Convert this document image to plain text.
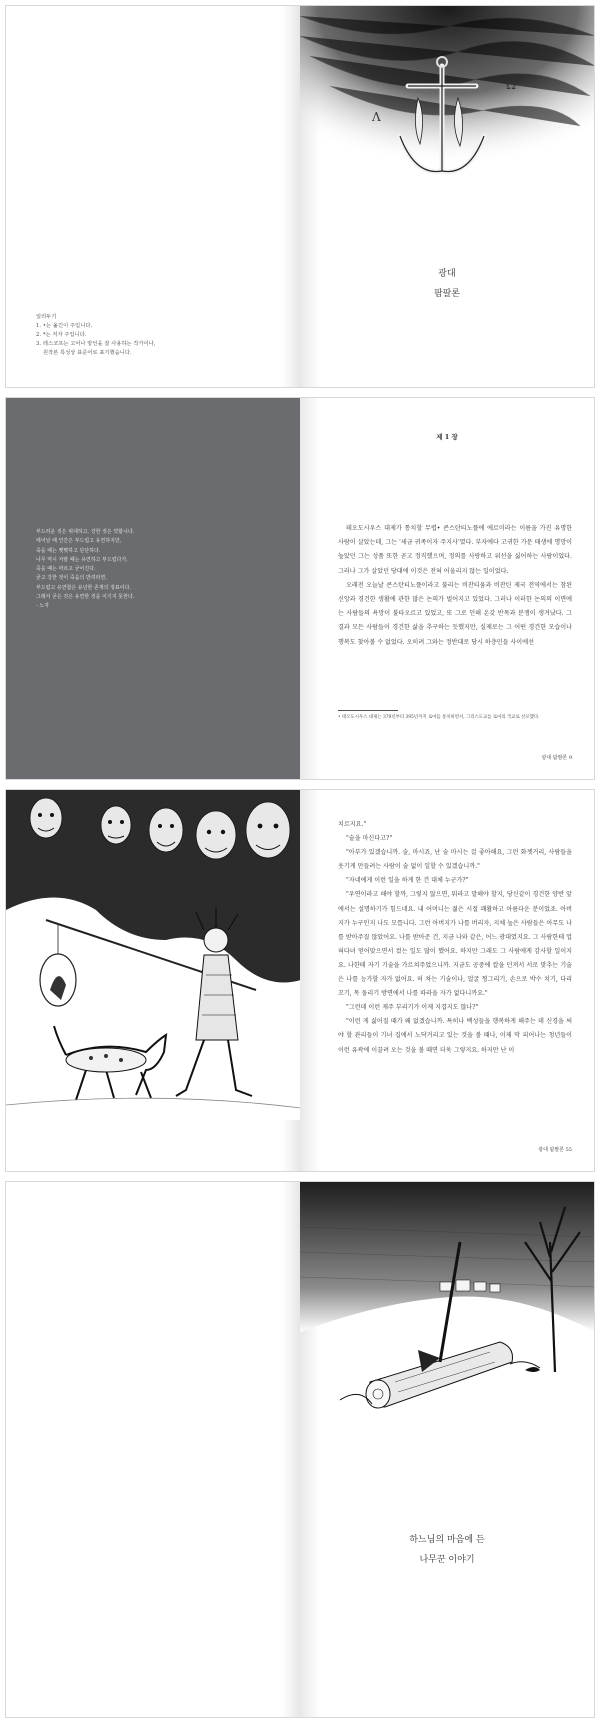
일러두기
1. •는 옮긴이 주입니다.
2. *는 저자 주입니다.
3. 레스코프는 고어나 방언을 잘 사용하는 작가이나,
원작본 특성상 표준어로 표기했습니다.
Λ
Ω
광대
팜팔론
부드러운 것은 위대하고, 강한 것은 약합니다.
태어날 때 인간은 부드럽고 유연하지만,
죽을 때는 뻣뻣하고 단단하다.
나무 역시 자랄 때는 유연하고 부드럽다가,
죽을 때는 마르고 굳어진다.
굳고 강한 것이 죽음의 반려라면,
부드럽고 유연함은 유년한 존재의 징표이다.
그래서 굳은 것은 유연한 것을 이기지 못한다.
- 노자
제 1 장

테오도시우스 대제가 통치할 무렵• 콘스탄티노플에 에르미라는 이름을 가진 유명한 사람이 살았는데, 그는 '세금 귀족이자 주지사'였다. 부자에다 고귀한 가문 태생에 명망이 높았던 그는 성품 또한 곧고 정직했으며, 정의를 사랑하고 위선을 싫어하는 사람이었다. 그러나 그가 살았던 당대에 이것은 전혀 어울리지 않는 일이었다.

오래전 오늘날 콘스탄티노플이라고 불리는 비잔티움과 비잔틴 제국 전역에서는 참된 신앙과 경건한 생활에 관한 많은 논의가 벌어지고 있었다. 그러나 이러한 논의의 이면에는 사람들의 욕망이 불타오르고 있었고, 또 그로 인해 온갖 반목과 분쟁이 생겨났다. 그 결과 모든 사람들이 경건한 삶을 추구하는 듯했지만, 실제로는 그 어떤 경건한 모습이나 행복도 찾아볼 수 없었다. 오히려 그와는 정반대로 당시 하층민들 사이에선

• 테오도시우스 대제는 379년부터 395년까지 로마를 통치하면서, 그리스도교를 로마의 국교로 선포했다.
광대 팜팔론 9

치르지요."

"술을 마신다고?"

"아부가 있겠습니까. 술, 마시죠, 난 술 마시는 걸 좋아해요, 그런 화젯거리, 사람들을 웃기게 만들려는 사람이 술 없이 일할 수 있겠습니까."

"자네에게 이런 일을 하게 한 건 대체 누군가?"

"우연이라고 해야 할까, 그렇지 않으면, 뭐라고 말해야 할지, 당신같이 경건한 양반 앞에서는 설명하기가 힘드네요. 내 어머니는 젊은 시절 쾌활하고 아름다운 분이었죠. 아버지가 누구인지 나도 모릅니다. 그런 아버지가 나를 버리자, 지체 높은 사람들은 아무도 나를 받아주질 않았어요. 나를 받아준 건, 지금 나와 같은, 어느 광대였지요. 그 사람한테 업혀다녀 얻어맞으면서 컸는 일도 많이 했어요. 하지만 그래도 그 사람에게 감사할 일이지요. 나한테 자기 기술을 가르쳐주었으니까. 지금도 공중에 칼을 던져서 서로 맞추는 기술은 나를 능가할 자가 없어요. 허 차는 기술이나, 얼굴 찡그리기, 손으로 박수 치기, 다리 꼬기, 목 돌리기 방면에서 나를 따라올 자가 없다니까요."

"그런데 이런 재주 부리기가 이제 지겹지도 않나?"

"이런 게 싫어질 때가 왜 없겠습니까. 특히나 백성들을 행복하게 해주는 데 신경을 써야 할 관리들이 기녀 집에서 노닥거리고 있는 것을 볼 때나, 이제 막 피어나는 청년들이 이런 유곽에 이끌려 오는 것을 볼 때면 더욱 그렇지요. 하지만 난 이

광대 팜팔론 55
하느님의 마음에 든
나무꾼 이야기
